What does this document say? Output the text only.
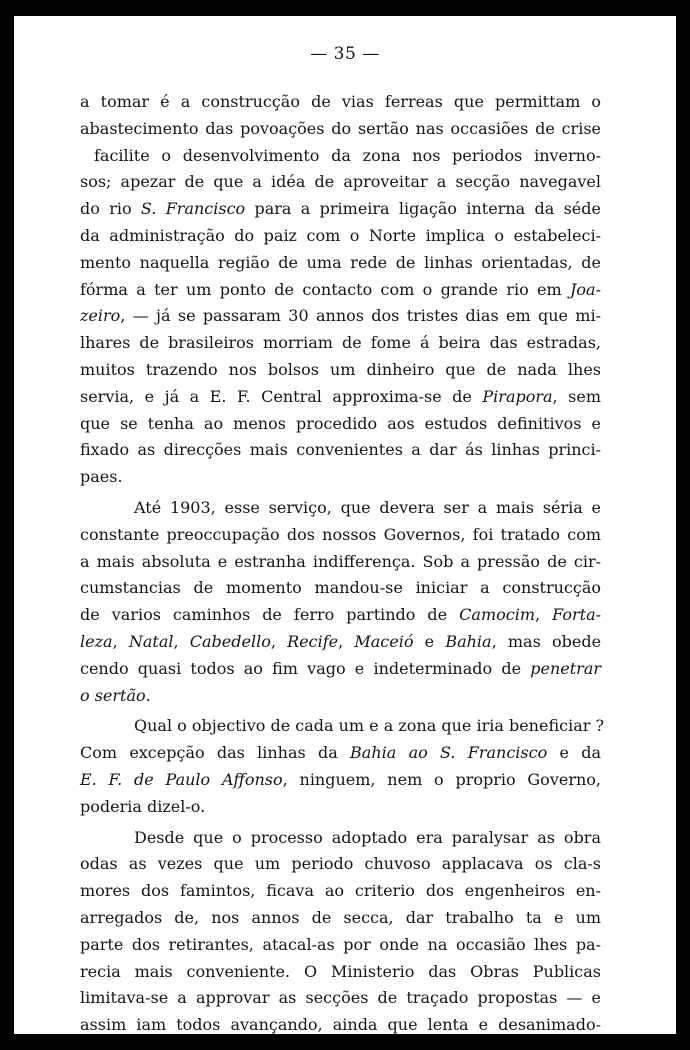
— 35 —
a tomar é a construcção de vias ferreas que permittam o
abastecimento das povoações do sertão nas occasiões de crise
facilite o desenvolvimento da zona nos periodos inverno-
sos; apezar de que a idéa de aproveitar a secção navegavel
do rio S. Francisco para a primeira ligação interna da séde
da administração do paiz com o Norte implica o estabeleci-
mento naquella região de uma rede de linhas orientadas, de
fórma a ter um ponto de contacto com o grande rio em Joa-
zeiro, — já se passaram 30 annos dos tristes dias em que mi-
lhares de brasileiros morriam de fome á beira das estradas,
muitos trazendo nos bolsos um dinheiro que de nada lhes
servia, e já a E. F. Central approxima-se de Pirapora, sem
que se tenha ao menos procedido aos estudos definitivos e
fixado as direcções mais convenientes a dar ás linhas princi-
paes.
Até 1903, esse serviço, que devera ser a mais séria e
constante preoccupação dos nossos Governos, foi tratado com
a mais absoluta e estranha indifferença. Sob a pressão de cir-
cumstancias de momento mandou-se iniciar a construcção
de varios caminhos de ferro partindo de Camocim, Forta-
leza, Natal, Cabedello, Recife, Maceió e Bahia, mas obede
cendo quasi todos ao fim vago e indeterminado de penetrar
o sertão.
Qual o objectivo de cada um e a zona que iria beneficiar ?
Com excepção das linhas da Bahia ao S. Francisco e da
E. F. de Paulo Affonso, ninguem, nem o proprio Governo,
poderia dizel-o.
Desde que o processo adoptado era paralysar as obra
odas as vezes que um periodo chuvoso applacava os cla-s
mores dos famintos, ficava ao criterio dos engenheiros en-
arregados de, nos annos de secca, dar trabalho ta e um
parte dos retirantes, atacal-as por onde na occasião lhes pa-
recia mais conveniente. O Ministerio das Obras Publicas
limitava-se a approvar as secções de traçado propostas — e
assim iam todos avançando, ainda que lenta e desanimado-
